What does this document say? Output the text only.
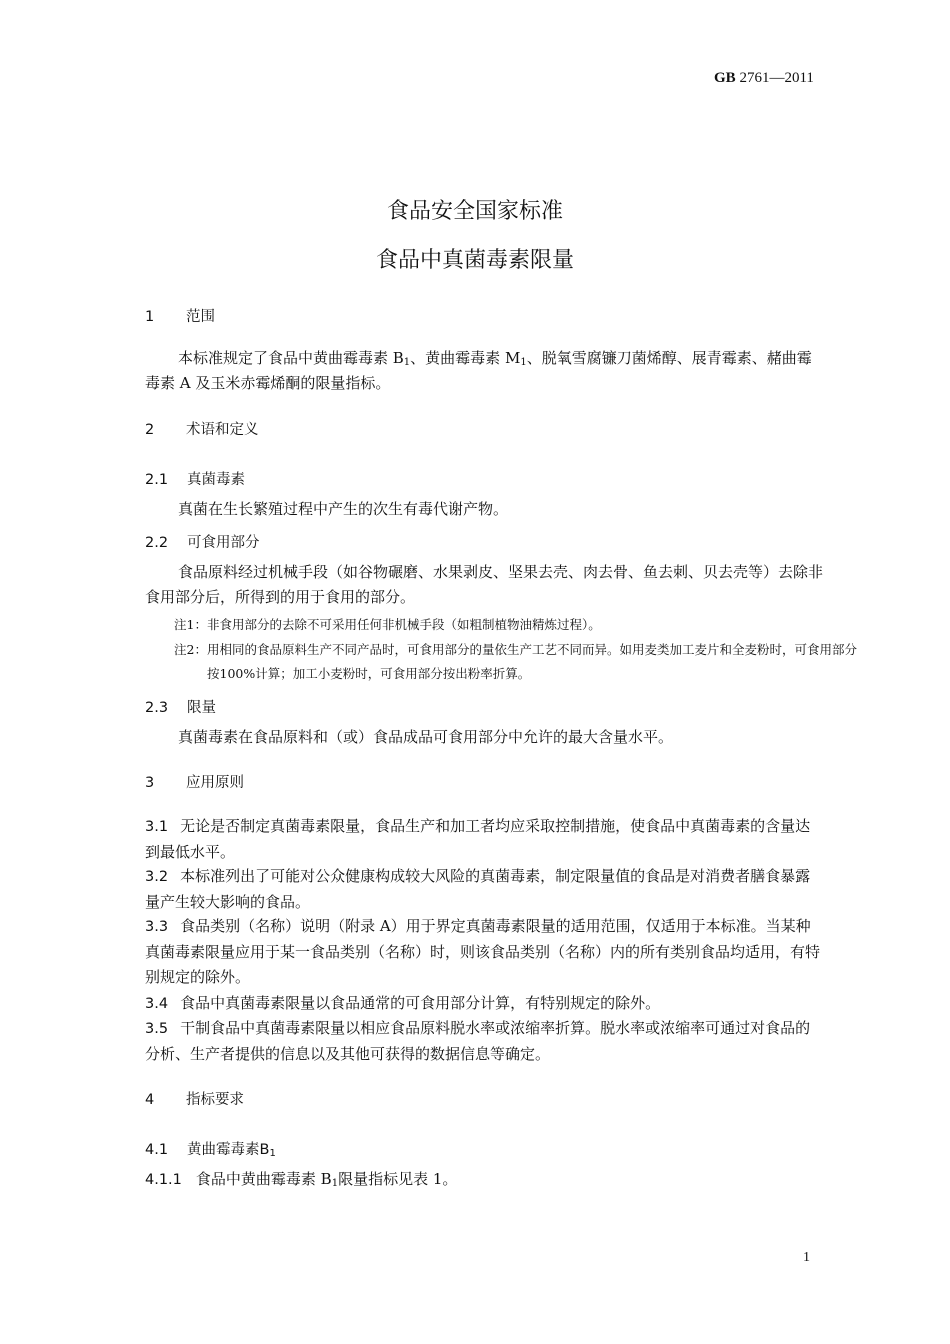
GB 2761—2011
食品安全国家标准
食品中真菌毒素限量
1 范围
本标准规定了食品中黄曲霉毒素 $B_1$、黄曲霉毒素 $M_1$、脱氧雪腐镰刀菌烯醇、展青霉素、赭曲霉毒素 A 及玉米赤霉烯酮的限量指标。
2 术语和定义
2.1 真菌毒素
真菌在生长繁殖过程中产生的次生有毒代谢产物。
2.2 可食用部分
食品原料经过机械手段（如谷物碾磨、水果剥皮、坚果去壳、肉去骨、鱼去刺、贝去壳等）去除非食用部分后，所得到的用于食用的部分。
注1：非食用部分的去除不可采用任何非机械手段（如粗制植物油精炼过程）。
注2：用相同的食品原料生产不同产品时，可食用部分的量依生产工艺不同而异。如用麦类加工麦片和全麦粉时，可食用部分按100%计算；加工小麦粉时，可食用部分按出粉率折算。
2.3 限量
真菌毒素在食品原料和（或）食品成品可食用部分中允许的最大含量水平。
3 应用原则
3.1 无论是否制定真菌毒素限量，食品生产和加工者均应采取控制措施，使食品中真菌毒素的含量达到最低水平。
3.2 本标准列出了可能对公众健康构成较大风险的真菌毒素，制定限量值的食品是对消费者膳食暴露量产生较大影响的食品。
3.3 食品类别（名称）说明（附录 A）用于界定真菌毒素限量的适用范围，仅适用于本标准。当某种真菌毒素限量应用于某一食品类别（名称）时，则该食品类别（名称）内的所有类别食品均适用，有特别规定的除外。
3.4 食品中真菌毒素限量以食品通常的可食用部分计算，有特别规定的除外。
3.5 干制食品中真菌毒素限量以相应食品原料脱水率或浓缩率折算。脱水率或浓缩率可通过对食品的分析、生产者提供的信息以及其他可获得的数据信息等确定。
4 指标要求
4.1 黄曲霉毒素$B_1$
4.1.1 食品中黄曲霉毒素 $B_1$限量指标见表 1。
1
